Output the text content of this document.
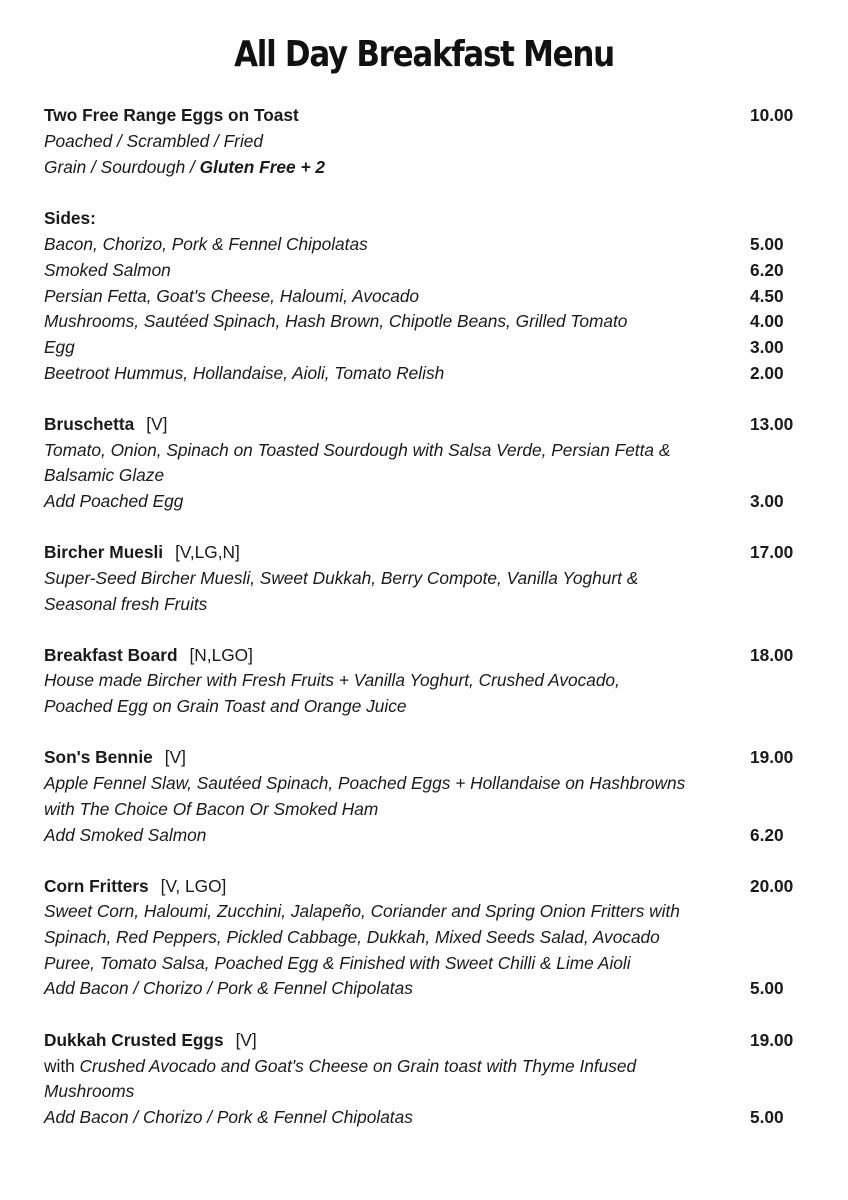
All Day Breakfast Menu
Two Free Range Eggs on Toast	10.00
Poached / Scrambled / Fried
Grain / Sourdough / Gluten Free + 2
Sides:
Bacon, Chorizo, Pork & Fennel Chipolatas	5.00
Smoked Salmon	6.20
Persian Fetta, Goat's Cheese, Haloumi, Avocado	4.50
Mushrooms, Sautéed Spinach, Hash Brown, Chipotle Beans, Grilled Tomato	4.00
Egg	3.00
Beetroot Hummus, Hollandaise, Aioli, Tomato Relish	2.00
Bruschetta [V]	13.00
Tomato, Onion, Spinach on Toasted Sourdough with Salsa Verde, Persian Fetta &
Balsamic Glaze
Add Poached Egg	3.00
Bircher Muesli [V,LG,N]	17.00
Super-Seed Bircher Muesli, Sweet Dukkah, Berry Compote, Vanilla Yoghurt &
Seasonal fresh Fruits
Breakfast Board [N,LGO]	18.00
House made Bircher with Fresh Fruits + Vanilla Yoghurt, Crushed Avocado,
Poached Egg on Grain Toast and Orange Juice
Son's Bennie [V]	19.00
Apple Fennel Slaw, Sautéed Spinach, Poached Eggs + Hollandaise on Hashbrowns
with The Choice Of Bacon Or Smoked Ham
Add Smoked Salmon	6.20
Corn Fritters [V, LGO]	20.00
Sweet Corn, Haloumi, Zucchini, Jalapeño, Coriander and Spring Onion Fritters with
Spinach, Red Peppers, Pickled Cabbage, Dukkah, Mixed Seeds Salad, Avocado
Puree, Tomato Salsa, Poached Egg & Finished with Sweet Chilli & Lime Aioli
Add Bacon / Chorizo / Pork & Fennel Chipolatas	5.00
Dukkah Crusted Eggs [V]	19.00
with Crushed Avocado and Goat's Cheese on Grain toast with Thyme Infused
Mushrooms
Add Bacon / Chorizo / Pork & Fennel Chipolatas	5.00
